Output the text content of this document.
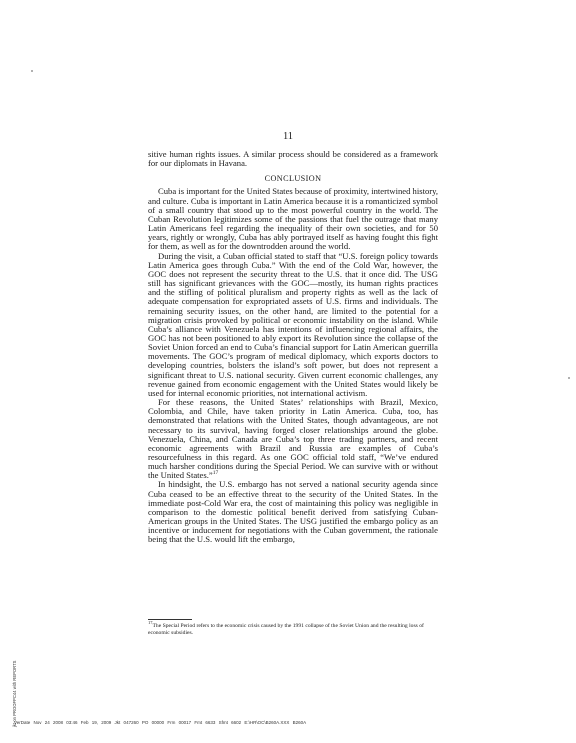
11

sitive human rights issues. A similar process should be considered as a framework for our diplomats in Havana.

CONCLUSION

Cuba is important for the United States because of proximity, intertwined history, and culture. Cuba is important in Latin America because it is a romanticized symbol of a small country that stood up to the most powerful country in the world. The Cuban Revolution legitimizes some of the passions that fuel the outrage that many Latin Americans feel regarding the inequality of their own societies, and for 50 years, rightly or wrongly, Cuba has ably portrayed itself as having fought this fight for them, as well as for the downtrodden around the world.

During the visit, a Cuban official stated to staff that “U.S. foreign policy towards Latin America goes through Cuba.” With the end of the Cold War, however, the GOC does not represent the security threat to the U.S. that it once did. The USG still has significant grievances with the GOC—mostly, its human rights practices and the stifling of political pluralism and property rights as well as the lack of adequate compensation for expropriated assets of U.S. firms and individuals. The remaining security issues, on the other hand, are limited to the potential for a migration crisis provoked by political or economic instability on the island. While Cuba’s alliance with Venezuela has intentions of influencing regional affairs, the GOC has not been positioned to ably export its Revolution since the collapse of the Soviet Union forced an end to Cuba’s financial support for Latin American guerrilla movements. The GOC’s program of medical diplomacy, which exports doctors to developing countries, bolsters the island’s soft power, but does not represent a significant threat to U.S. national security. Given current economic challenges, any revenue gained from economic engagement with the United States would likely be used for internal economic priorities, not international activism.

For these reasons, the United States’ relationships with Brazil, Mexico, Colombia, and Chile, have taken priority in Latin America. Cuba, too, has demonstrated that relations with the United States, though advantageous, are not necessary to its survival, having forged closer relationships around the globe. Venezuela, China, and Canada are Cuba’s top three trading partners, and recent economic agreements with Brazil and Russia are examples of Cuba’s resourcefulness in this regard. As one GOC official told staff, “We’ve endured much harsher conditions during the Special Period. We can survive with or without the United States.”$^{17}$

In hindsight, the U.S. embargo has not served a national security agenda since Cuba ceased to be an effective threat to the security of the United States. In the immediate post-Cold War era, the cost of maintaining this policy was negligible in comparison to the domestic political benefit derived from satisfying Cuban-American groups in the United States. The USG justified the embargo policy as an incentive or inducement for negotiations with the Cuban government, the rationale being that the U.S. would lift the embargo,

$^{17}$The Special Period refers to the economic crisis caused by the 1991 collapse of the Soviet Union and the resulting loss of economic subsidies.
jkt on PROOFPC44 with REPORTS
VerDate Nov 24 2008 03:46 Feb 19, 2009 Jkt 047260 PO 00000 Frm 00017 Fmt 6633 Sfmt 6602 E:\HR\OC\B260A.XXX B260A
